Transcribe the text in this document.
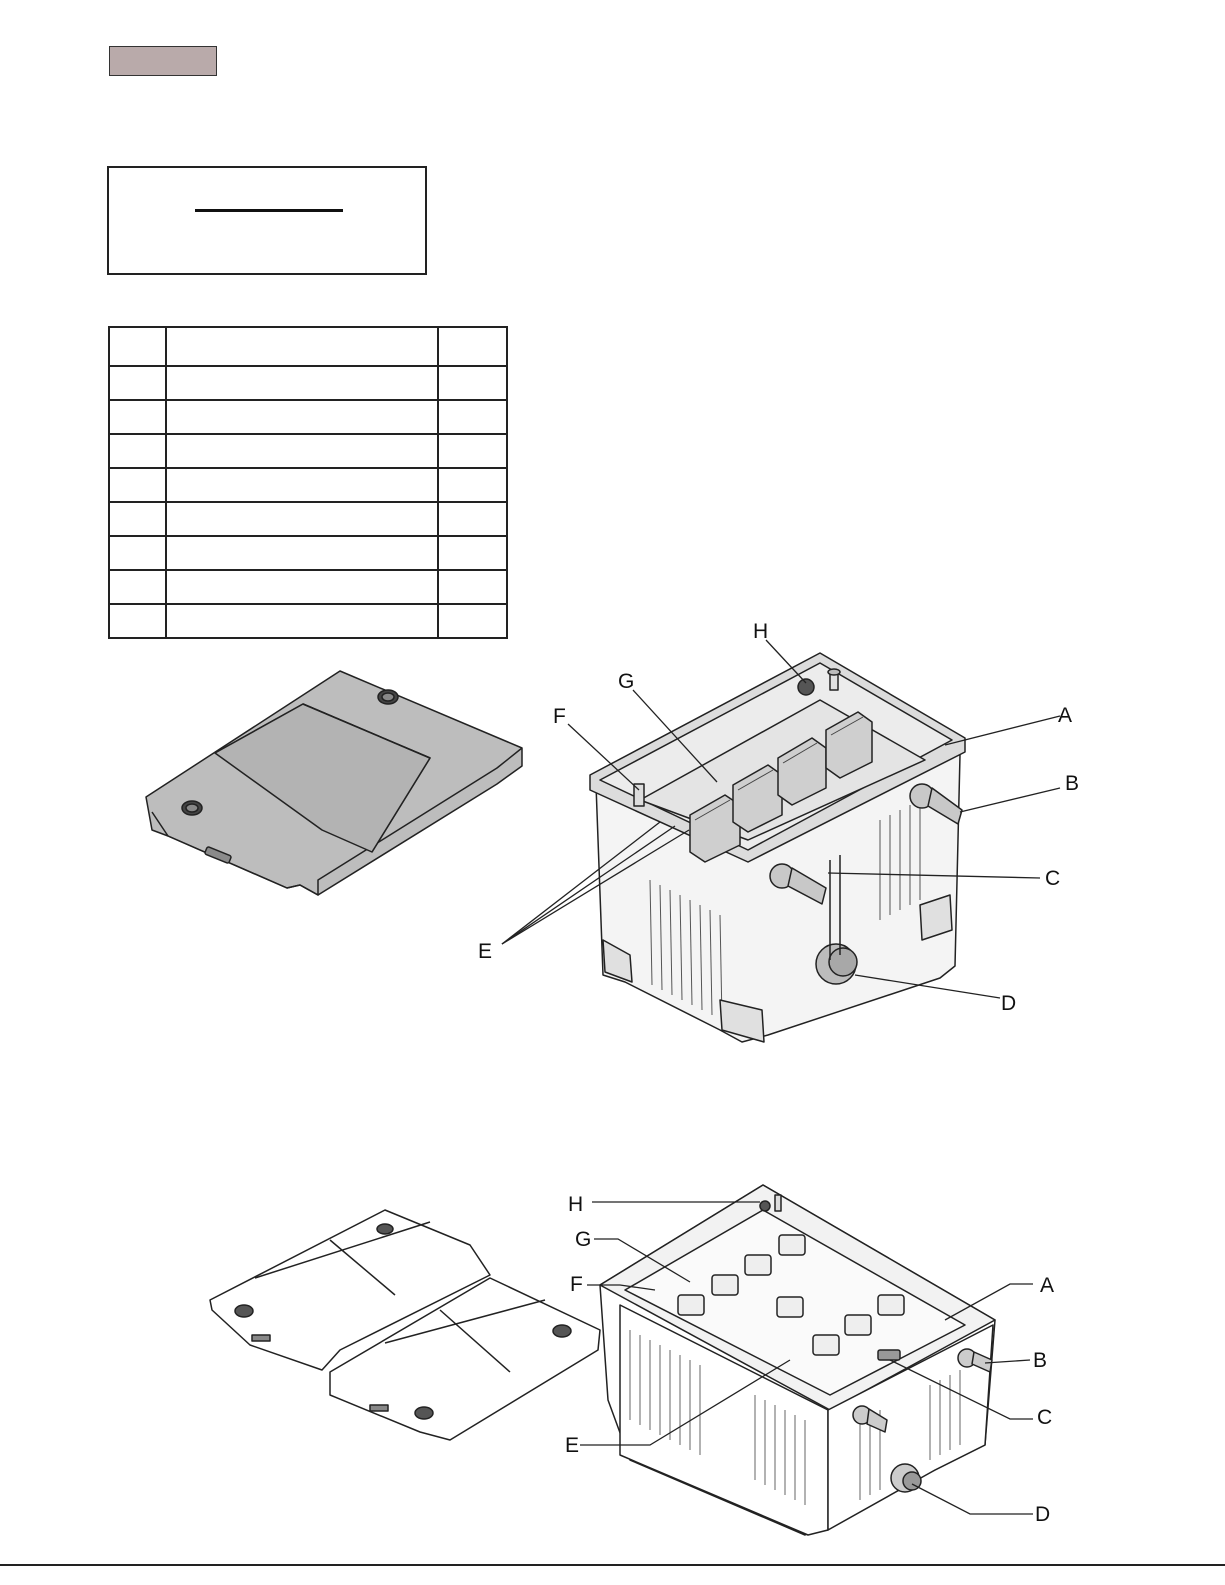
H
G
F	A
B
C
D
E
H
G
F	A
B
C
D
E
